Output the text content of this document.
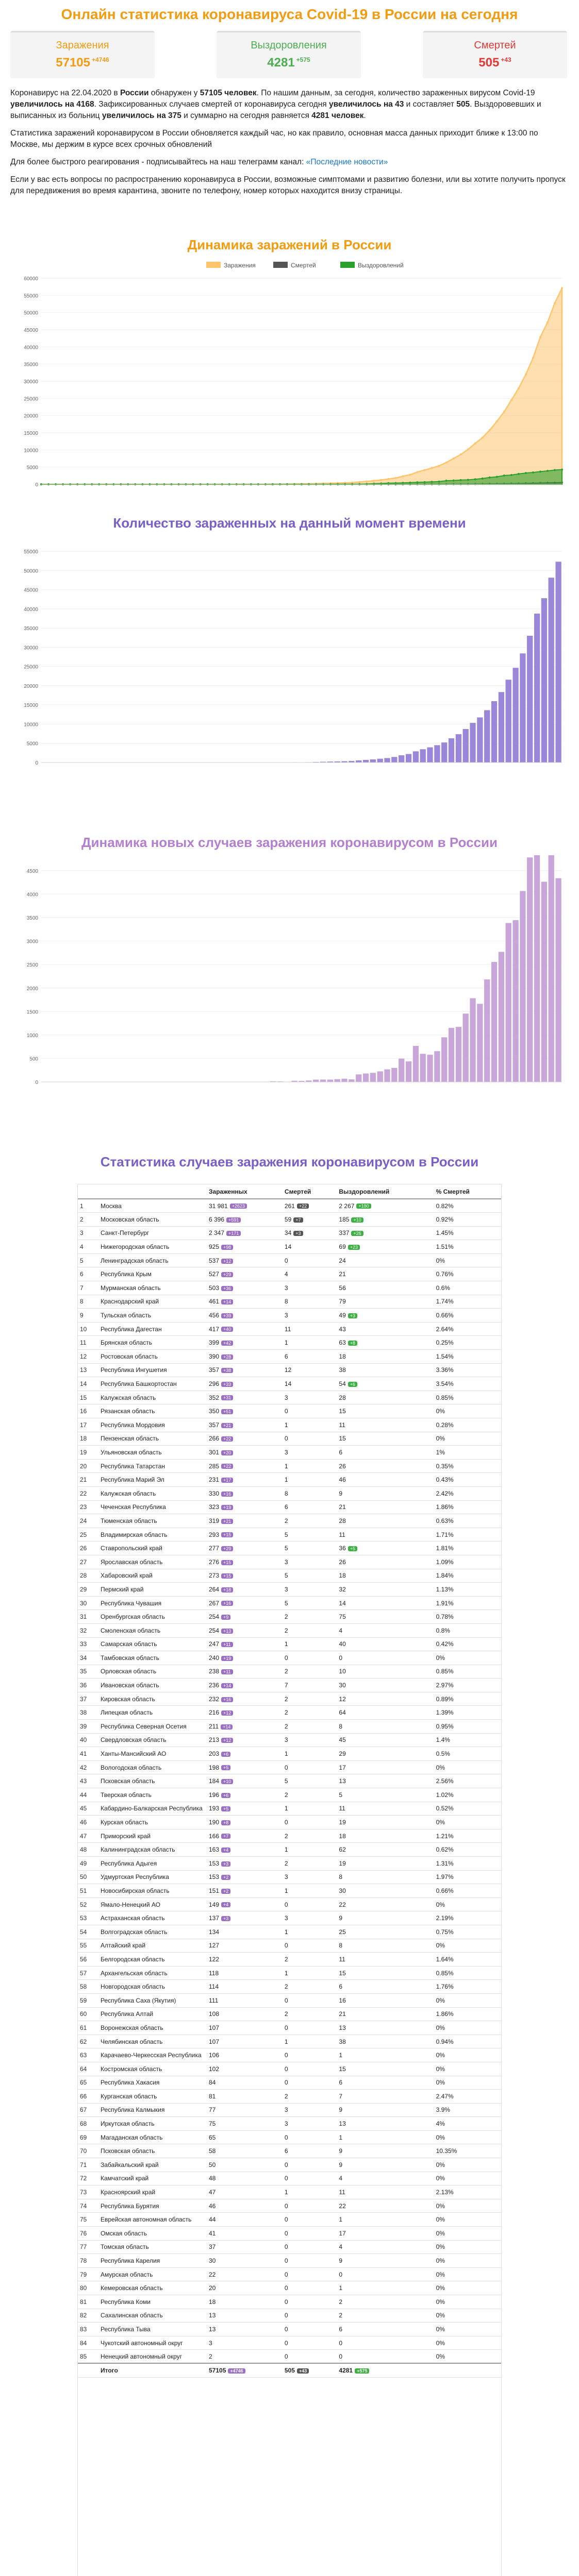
Онлайн статистика коронавируса Covid-19 в России на сегодня
Заражения
57105 $^{+4746}$
Выздоровления
4281 $^{+575}$
Смертей
505 $^{+43}$

Коронавирус на 22.04.2020 в России обнаружен у 57105 человек. По нашим данным, за сегодня, количество зараженных вирусом Covid-19 увеличилось на 4168. Зафиксированных случаев смертей от коронавируса сегодня увеличилось на 43 и составляет 505. Выздоровевших и выписанных из больниц увеличилось на 375 и суммарно на сегодня равняется 4281 человек.

Статистика заражений коронавирусом в России обновляется каждый час, но как правило, основная масса данных приходит ближе к 13:00 по Москве, мы держим в курсе всех срочных обновлений

Для более быстрого реагирования - подписывайтесь на наш телеграмм канал: «Последние новости»

Если у вас есть вопросы по распространению коронавируса в России, возможные симптомами и развитию болезни, или вы хотите получить пропуск для передвижения во время карантина, звоните по телефону, номер которых находится внизу страницы.

Динамика заражений в России
Заражения	Смертей	Выздоровлений
0
5000
10000
15000
20000
25000
30000
35000
40000
45000
50000
55000
60000
Количество зараженных на данный момент времени
0
5000
10000
15000
20000
25000
30000
35000
40000
45000
50000
55000
Динамика новых случаев заражения коронавирусом в России
0
500
1000
1500
2000
2500
3000
3500
4000
4500
Статистика случаев заражения коронавирусом в России
		Зараженных	Смертей	Выздоровлений	% Смертей
1	Москва	31 981 +2623	261 +22	2 267 +180	0.82%
2	Московская область	6 396 +591	59 +7	185 +10	0.92%
3	Санкт-Петербург	2 347 +171	34 +3	337 +26	1.45%
4	Нижегородская область	925 +98	14	69 +23	1.51%
5	Ленинградская область	537 +12	0	24	0%
6	Республика Крым	527 +29	4	21	0.76%
7	Мурманская область	503 +36	3	56	0.6%
8	Краснодарский край	461 +14	8	79	1.74%
9	Тульская область	456 +39	3	49 +3	0.66%
10	Республика Дагестан	417 +40	11	43	2.64%
11	Брянская область	399 +42	1	63 +8	0.25%
12	Ростовская область	390 +28	6	18	1.54%
13	Республика Ингушетия	357 +38	12	38	3.36%
14	Республика Башкортостан	296 +33	14	54 +6	3.54%
15	Калужская область	352 +31	3	28	0.85%
16	Рязанская область	350 +51	0	15	0%
17	Республика Мордовия	357 +21	1	11	0.28%
18	Пензенская область	266 +22	0	15	0%
19	Ульяновская область	301 +20	3	6	1%
20	Республика Татарстан	285 +22	1	26	0.35%
21	Республика Марий Эл	231 +17	1	46	0.43%
22	Калужская область	330 +16	8	9	2.42%
23	Чеченская Республика	323 +19	6	21	1.86%
24	Тюменская область	319 +21	2	28	0.63%
25	Владимирская область	293 +15	5	11	1.71%
26	Ставропольский край	277 +29	5	36 +5	1.81%
27	Ярославская область	276 +15	3	26	1.09%
28	Хабаровский край	273 +15	5	18	1.84%
29	Пермский край	264 +18	3	32	1.13%
30	Республика Чувашия	267 +16	5	14	1.91%
31	Оренбургская область	254 +9	2	75	0.78%
32	Смоленская область	254 +13	2	4	0.8%
33	Самарская область	247 +11	1	40	0.42%
34	Тамбовская область	240 +19	0	0	0%
35	Орловская область	238 +11	2	10	0.85%
36	Ивановская область	236 +14	7	30	2.97%
37	Кировская область	232 +16	2	12	0.89%
38	Липецкая область	216 +12	2	64	1.39%
39	Республика Северная Осетия	211 +14	2	8	0.95%
40	Свердловская область	213 +12	3	45	1.4%
41	Ханты-Мансийский АО	203 +6	1	29	0.5%
42	Вологодская область	198 +5	0	17	0%
43	Псковская область	184 +10	5	13	2.56%
44	Тверская область	196 +6	2	5	1.02%
45	Кабардино-Балкарская Республика	193 +5	1	11	0.52%
46	Курская область	190 +8	0	19	0%
47	Приморский край	166 +7	2	18	1.21%
48	Калининградская область	163 +4	1	62	0.62%
49	Республика Адыгея	153 +3	2	19	1.31%
50	Удмуртская Республика	153 +2	3	8	1.97%
51	Новосибирская область	151 +2	1	30	0.66%
52	Ямало-Ненецкий АО	149 +4	0	22	0%
53	Астраханская область	137 +3	3	9	2.19%
54	Волгоградская область	134	1	25	0.75%
55	Алтайский край	127	0	8	0%
56	Белгородская область	122	2	11	1.64%
57	Архангельская область	118	1	15	0.85%
58	Новгородская область	114	2	6	1.76%
59	Республика Саха (Якутия)	111	0	16	0%
60	Республика Алтай	108	2	21	1.86%
61	Воронежская область	107	0	13	0%
62	Челябинская область	107	1	38	0.94%
63	Карачаево-Черкесская Республика	106	0	1	0%
64	Костромская область	102	0	15	0%
65	Республика Хакасия	84	0	6	0%
66	Курганская область	81	2	7	2.47%
67	Республика Калмыкия	77	3	9	3.9%
68	Иркутская область	75	3	13	4%
69	Магаданская область	65	0	1	0%
70	Псковская область	58	6	9	10.35%
71	Забайкальский край	50	0	9	0%
72	Камчатский край	48	0	4	0%
73	Красноярский край	47	1	11	2.13%
74	Республика Бурятия	46	0	22	0%
75	Еврейская автономная область	44	0	1	0%
76	Омская область	41	0	17	0%
77	Томская область	37	0	4	0%
78	Республика Карелия	30	0	9	0%
79	Амурская область	22	0	0	0%
80	Кемеровская область	20	0	1	0%
81	Республика Коми	18	0	2	0%
82	Сахалинская область	13	0	2	0%
83	Республика Тыва	13	0	6	0%
84	Чукотский автономный округ	3	0	0	0%
85	Ненецкий автономный округ	2	0	0	0%
	Итого	57105 +4746	505 +43	4281 +575	
